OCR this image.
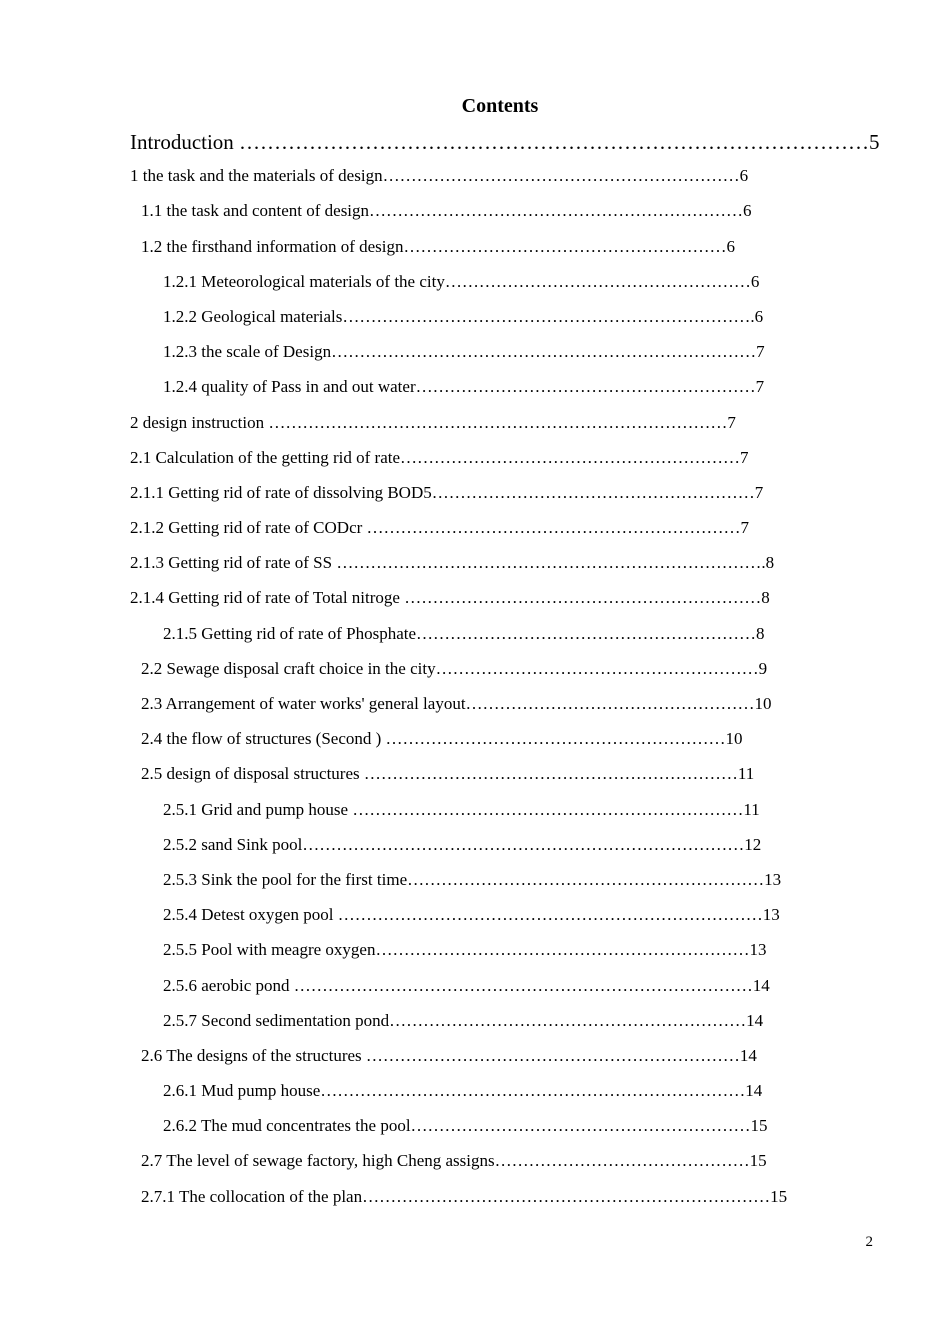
Contents
Introduction ………………………………………………………………………………5
1 the task and the materials of design………………………………………………………6
1.1 the task and content of design…………………………………………………………6
1.2 the firsthand information of design…………………………………………………6
1.2.1 Meteorological materials of the city………………………………………………6
1.2.2 Geological materials……………………………………………………………….6
1.2.3 the scale of Design…………………………………………………………………7
1.2.4 quality of Pass in and out water……………………………………………………7
2 design instruction ………………………………………………………………………7
2.1 Calculation of the getting rid of rate……………………………………………………7
2.1.1 Getting rid of rate of dissolving BOD5…………………………………………………7
2.1.2 Getting rid of rate of CODcr …………………………………………………………7
2.1.3 Getting rid of rate of SS ………………………………………………………………….8
2.1.4 Getting rid of rate of Total nitroge ………………………………………………………8
2.1.5 Getting rid of rate of Phosphate……………………………………………………8
2.2 Sewage disposal craft choice in the city…………………………………………………9
2.3 Arrangement of water works' general layout……………………………………………10
2.4 the flow of structures (Second ) ……………………………………………………10
2.5 design of disposal structures …………………………………………………………11
2.5.1 Grid and pump house ……………………………………………………………11
2.5.2 sand Sink pool……………………………………………………………………12
2.5.3 Sink the pool for the first time………………………………………………………13
2.5.4 Detest oxygen pool …………………………………………………………………13
2.5.5 Pool with meagre oxygen…………………………………………………………13
2.5.6 aerobic pond ………………………………………………………………………14
2.5.7 Second sedimentation pond………………………………………………………14
2.6 The designs of the structures …………………………………………………………14
2.6.1 Mud pump house…………………………………………………………………14
2.6.2 The mud concentrates the pool……………………………………………………15
2.7 The level of sewage factory, high Cheng assigns………………………………………15
2.7.1 The collocation of the plan………………………………………………………………15
2
